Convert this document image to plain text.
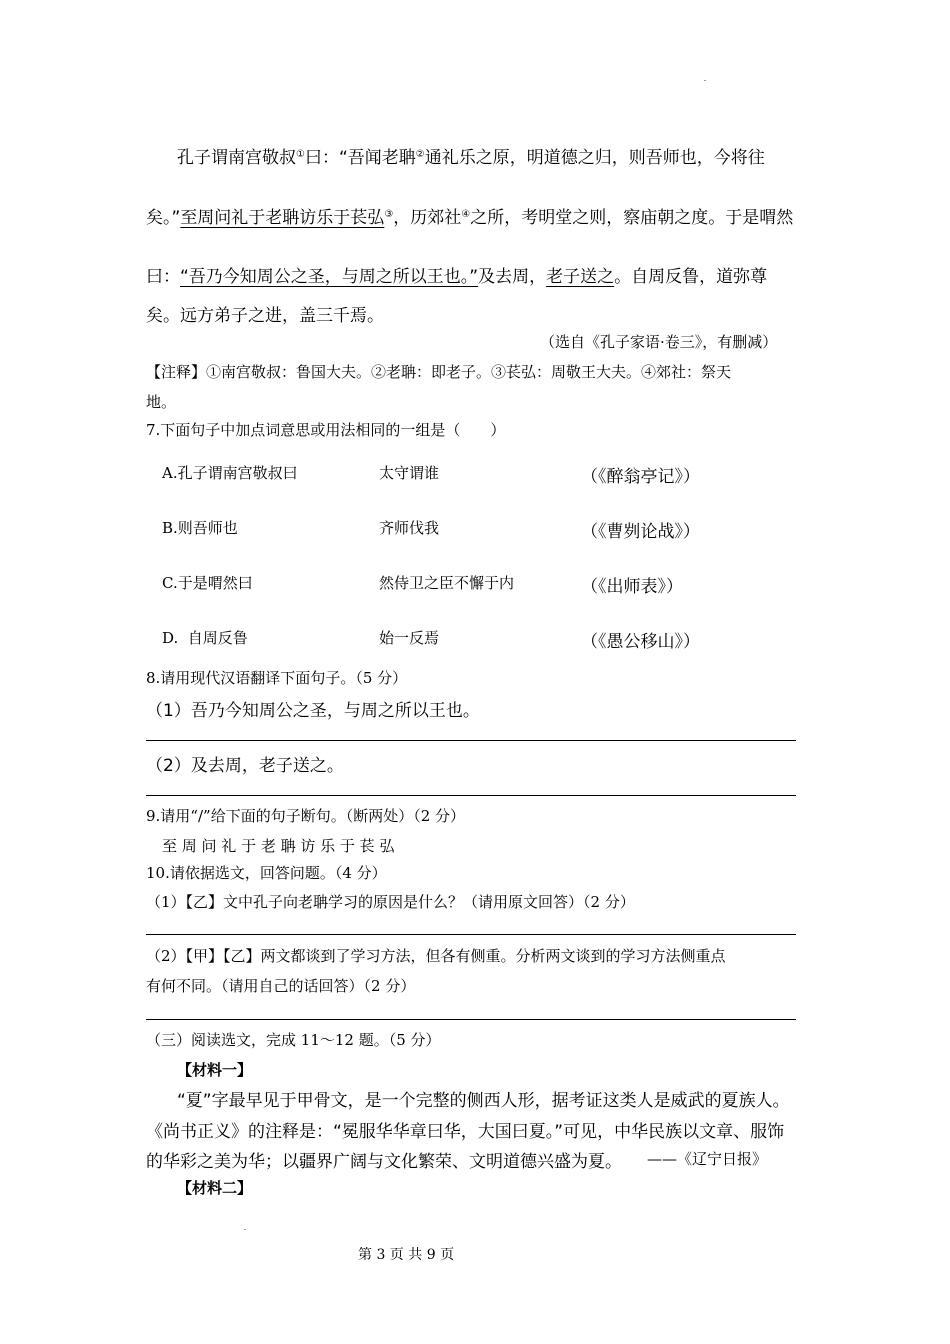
孔子谓南宫敬叔①曰：“吾闻老聃②通礼乐之原，明道德之归，则吾师也，今将往
矣。”至周问礼于老聃访乐于苌弘③，历郊社④之所，考明堂之则，察庙朝之度。于是喟然
曰：“吾乃今知周公之圣，与周之所以王也。”及去周，老子送之。自周反鲁，道弥尊
矣。远方弟子之进，盖三千焉。
（选自《孔子家语·卷三》，有删减）
【注释】①南宫敬叔：鲁国大夫。②老聃：即老子。③苌弘：周敬王大夫。④郊社：祭天
地。
7.下面句子中加点词意思或用法相同的一组是（　　）
A.孔子谓南宫敬叔曰	太守谓谁	（《醉翁亭记》）
B.则吾师也	齐师伐我	（《曹刿论战》）
C.于是喟然曰	然侍卫之臣不懈于内	（《出师表》）
D.  自周反鲁	始一反焉	（《愚公移山》）
8.请用现代汉语翻译下面句子。（5 分）
（1）吾乃今知周公之圣，与周之所以王也。
（2）及去周，老子送之。
9.请用“/”给下面的句子断句。（断两处）（2 分）
至 周 问 礼 于 老 聃 访 乐 于 苌 弘
10.请依据选文，回答问题。（4 分）
（1）【乙】文中孔子向老聃学习的原因是什么？（请用原文回答）（2 分）
（2）【甲】【乙】两文都谈到了学习方法，但各有侧重。分析两文谈到的学习方法侧重点
有何不同。（请用自己的话回答）（2 分）
（三）阅读选文，完成 11～12 题。（5 分）
【材料一】
“夏”字最早见于甲骨文，是一个完整的侧西人形，据考证这类人是威武的夏族人。
《尚书正义》的注释是：“冕服华华章曰华，大国曰夏。”可见，中华民族以文章、服饰
的华彩之美为华；以疆界广阔与文化繁荣、文明道德兴盛为夏。 ——《辽宁日报》
【材料二】
第 3 页 共 9 页
